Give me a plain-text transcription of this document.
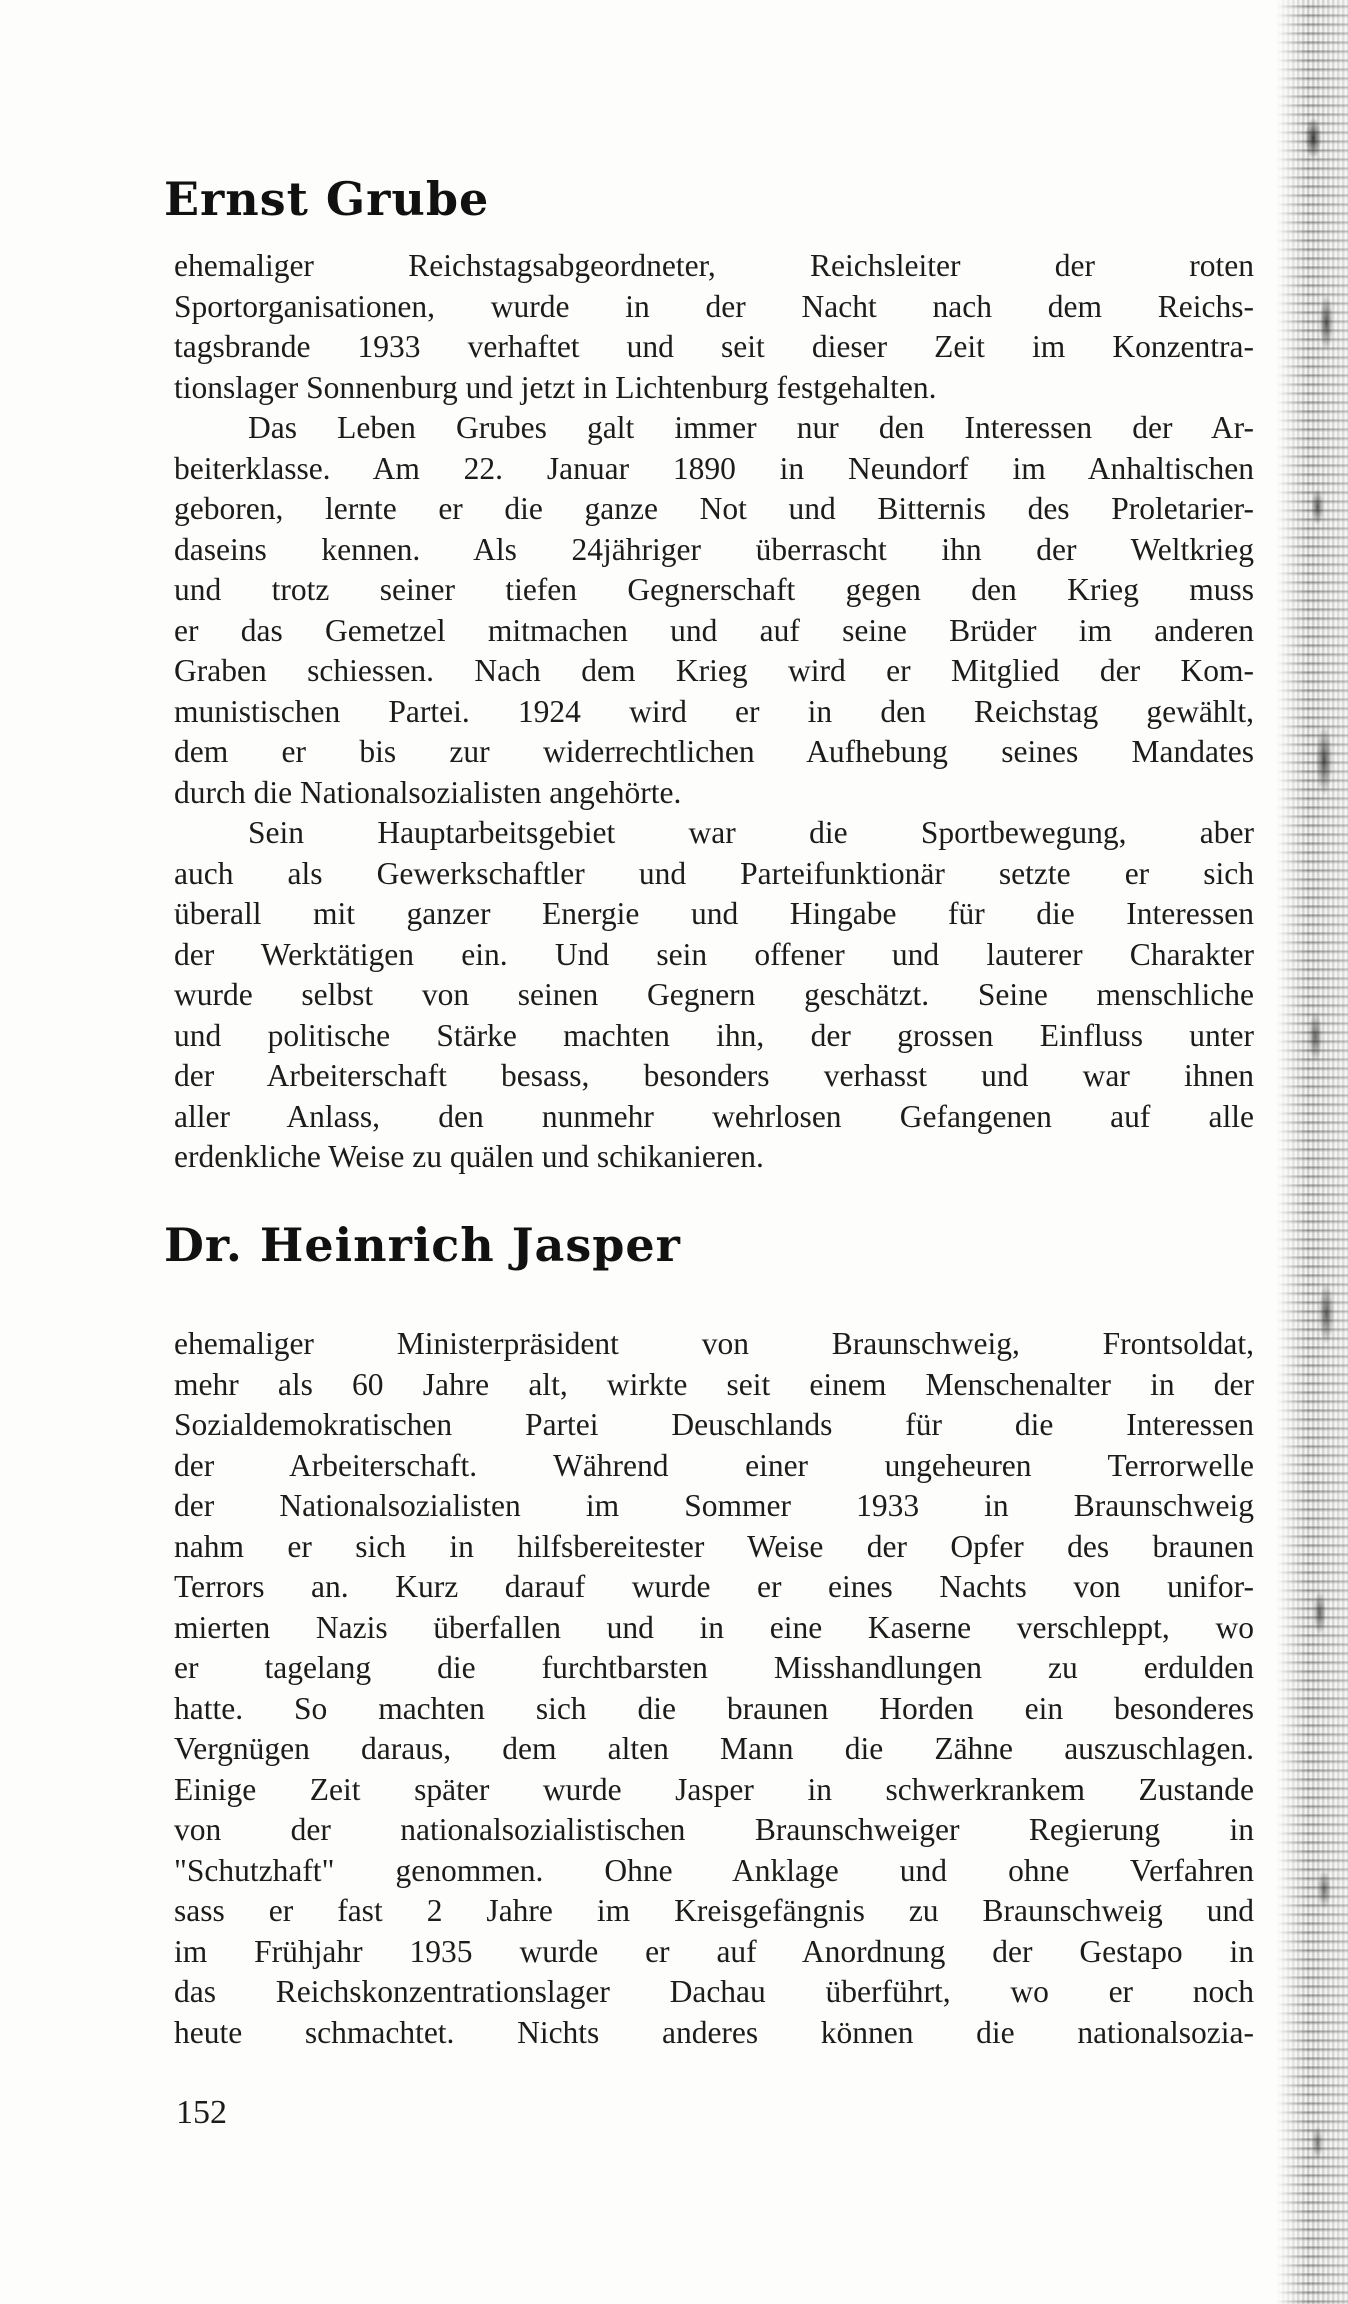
Ernst Grube
ehemaliger Reichstagsabgeordneter, Reichsleiter der roten
Sportorganisationen, wurde in der Nacht nach dem Reichs-
tagsbrande 1933 verhaftet und seit dieser Zeit im Konzentra-
tionslager Sonnenburg und jetzt in Lichtenburg festgehalten.
Das Leben Grubes galt immer nur den Interessen der Ar-
beiterklasse. Am 22. Januar 1890 in Neundorf im Anhaltischen
geboren, lernte er die ganze Not und Bitternis des Proletarier-
daseins kennen. Als 24jähriger überrascht ihn der Weltkrieg
und trotz seiner tiefen Gegnerschaft gegen den Krieg muss
er das Gemetzel mitmachen und auf seine Brüder im anderen
Graben schiessen. Nach dem Krieg wird er Mitglied der Kom-
munistischen Partei. 1924 wird er in den Reichstag gewählt,
dem er bis zur widerrechtlichen Aufhebung seines Mandates
durch die Nationalsozialisten angehörte.
Sein Hauptarbeitsgebiet war die Sportbewegung, aber
auch als Gewerkschaftler und Parteifunktionär setzte er sich
überall mit ganzer Energie und Hingabe für die Interessen
der Werktätigen ein. Und sein offener und lauterer Charakter
wurde selbst von seinen Gegnern geschätzt. Seine menschliche
und politische Stärke machten ihn, der grossen Einfluss unter
der Arbeiterschaft besass, besonders verhasst und war ihnen
aller Anlass, den nunmehr wehrlosen Gefangenen auf alle
erdenkliche Weise zu quälen und schikanieren.
Dr. Heinrich Jasper
ehemaliger Ministerpräsident von Braunschweig, Frontsoldat,
mehr als 60 Jahre alt, wirkte seit einem Menschenalter in der
Sozialdemokratischen Partei Deuschlands für die Interessen
der Arbeiterschaft. Während einer ungeheuren Terrorwelle
der Nationalsozialisten im Sommer 1933 in Braunschweig
nahm er sich in hilfsbereitester Weise der Opfer des braunen
Terrors an. Kurz darauf wurde er eines Nachts von unifor-
mierten Nazis überfallen und in eine Kaserne verschleppt, wo
er tagelang die furchtbarsten Misshandlungen zu erdulden
hatte. So machten sich die braunen Horden ein besonderes
Vergnügen daraus, dem alten Mann die Zähne auszuschlagen.
Einige Zeit später wurde Jasper in schwerkrankem Zustande
von der nationalsozialistischen Braunschweiger Regierung in
"Schutzhaft" genommen. Ohne Anklage und ohne Verfahren
sass er fast 2 Jahre im Kreisgefängnis zu Braunschweig und
im Frühjahr 1935 wurde er auf Anordnung der Gestapo in
das Reichskonzentrationslager Dachau überführt, wo er noch
heute schmachtet. Nichts anderes können die nationalsozia-
152
